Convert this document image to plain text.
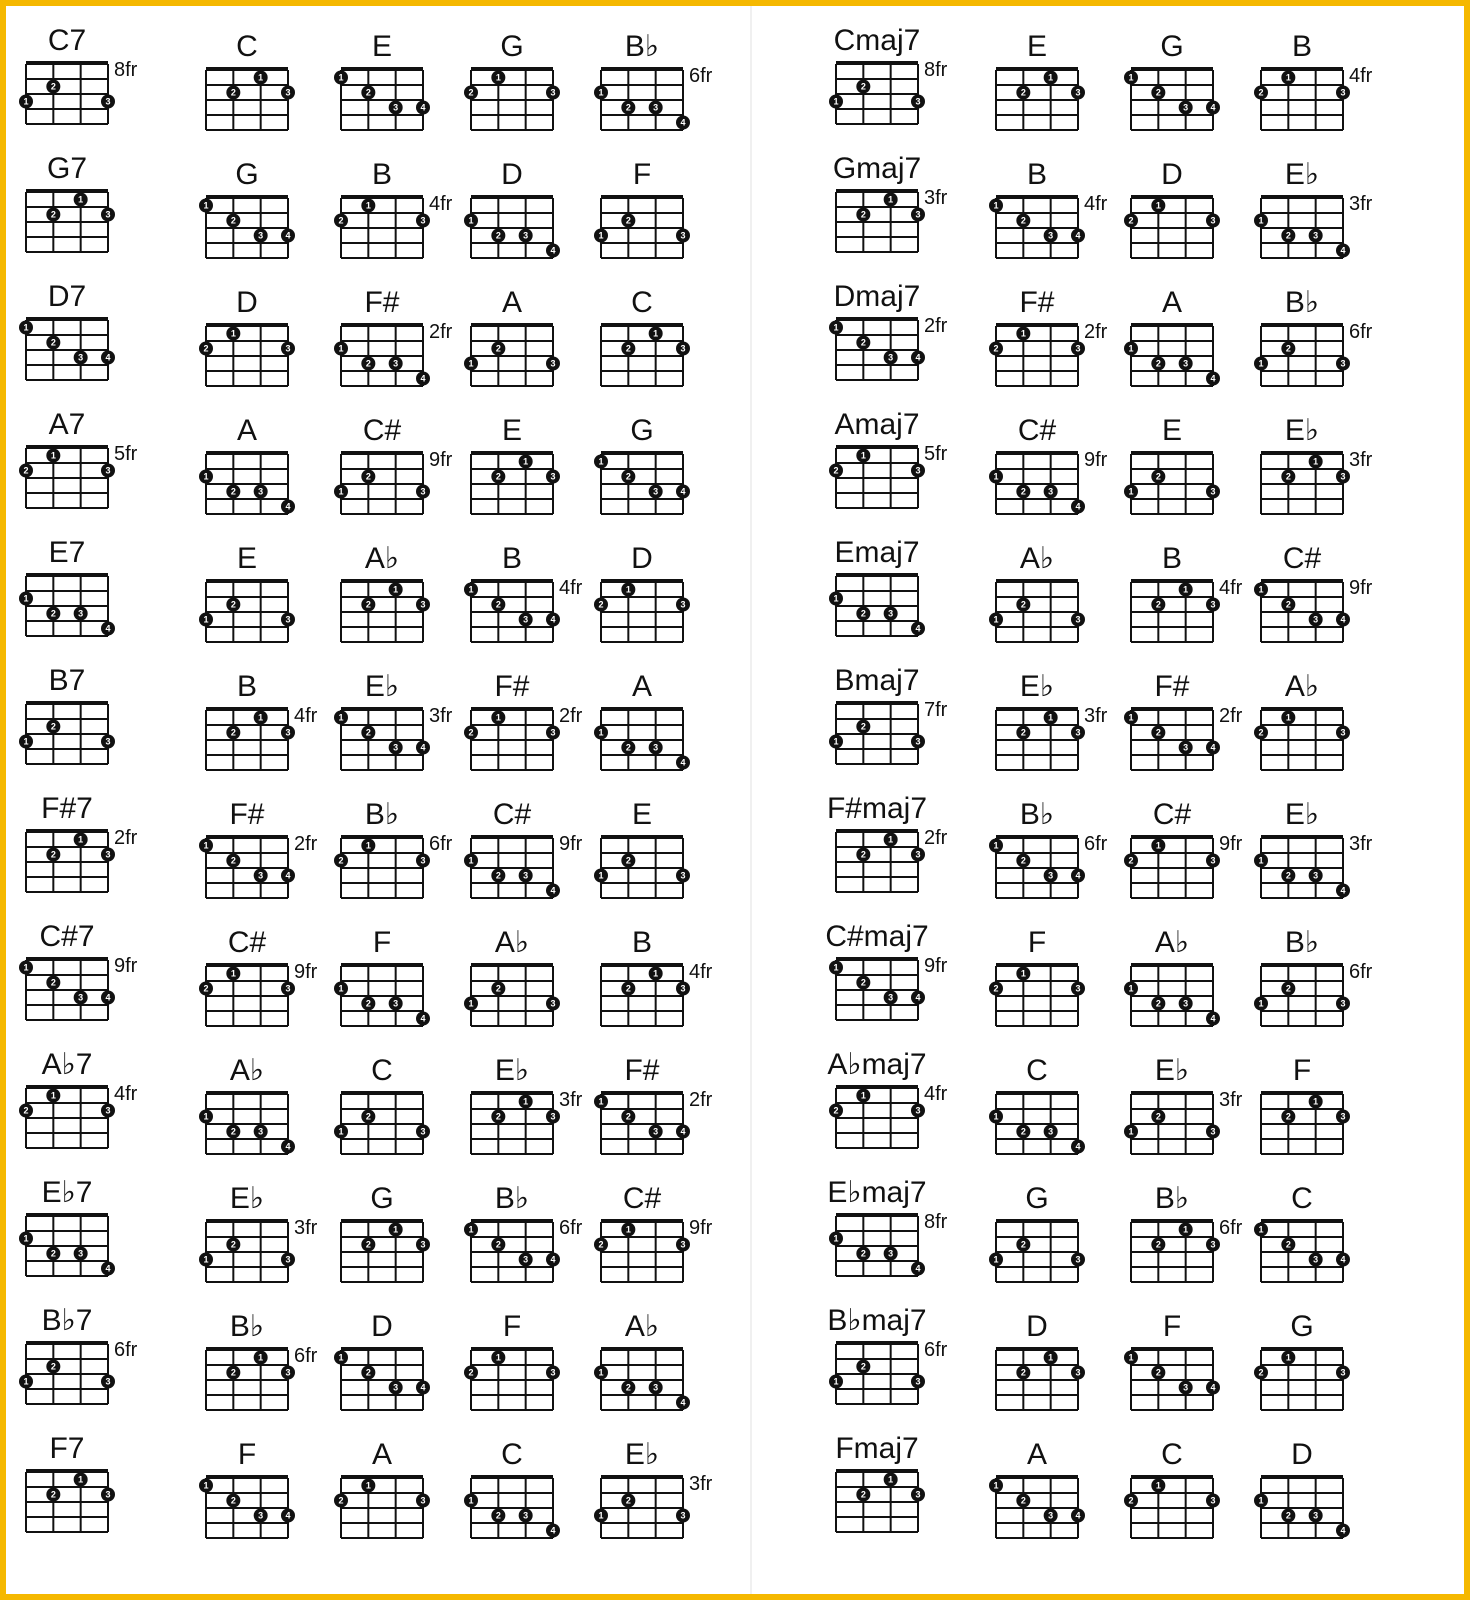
C7
8fr
1
2
3
C
1
2	3
E
1
2
3 4
G
1
2	3
B♭
6fr
1
2 3
4
G7
1
2	3
G
1
2
3 4
B
4fr
1
2	3
D
1
2 3
4
F
1
2
3
D7
1
2
3 4
D
1
2	3
F#
2fr
1
2 3
4
A
1
2
3
C
1
2	3
A7
5fr
1
2	3
A
1
2 3
4
C#
9fr
1
2
3
E
1
2	3
G
1
2
3 4
E7
1
2 3
4
E
1
2
3
A♭
1
2	3
B
4fr
1
2
3 4
D
1
2	3
B7
1
2
3
B
4fr
1
2	3
E♭
3fr
1
2
3 4
F#
2fr
1
2	3
A
1
2 3
4
F#7
2fr
1
2	3
F#
2fr
1
2
3 4
B♭
6fr
1
2	3
C#
9fr
1
2 3
4
E
1
2
3
C#7
9fr
1
2
3 4
C#
9fr
1
2	3
F
1
2 3
4
A♭
1
2
3
B
4fr
1
2	3
A♭7
4fr
1
2	3
A♭
1
2 3
4
C
1
2
3
E♭
3fr
1
2	3
F#
2fr
1
2
3 4
E♭7
1
2 3
4
E♭
3fr
1
2
3
G
1
2	3
B♭
6fr
1
2
3 4
C#
9fr
1
2	3
B♭7
6fr
1
2
3
B♭
6fr
1
2	3
D
1
2
3 4
F
1
2	3
A♭
1
2 3
4
F7
1
2	3
F
1
2
3 4
A
1
2	3
C
1
2 3
4
E♭
3fr
1
2
3
Cmaj7
8fr
1
2
3
E
1
2	3
G
1
2
3 4
B
4fr
1
2	3
Gmaj7
3fr
1
2	3
B
4fr
1
2
3 4
D
1
2	3
E♭
3fr
1
2 3
4
Dmaj7
2fr
1
2
3 4
F#
2fr
1
2	3
A
1
2 3
4
B♭
6fr
1
2
3
Amaj7
5fr
1
2	3
C#
9fr
1
2 3
4
E
1
2
3
E♭
3fr
1
2	3
Emaj7
1
2 3
4
A♭
1
2
3
B
4fr
1
2	3
C#
9fr
1
2
3 4
Bmaj7
7fr
1
2
3
E♭
3fr
1
2	3
F#
2fr
1
2
3 4
A♭
1
2	3
F#maj7
2fr
1
2	3
B♭
6fr
1
2
3 4
C#
9fr
1
2	3
E♭
3fr
1
2 3
4
C#maj7
9fr
1
2
3 4
F
1
2	3
A♭
1
2 3
4
B♭
6fr
1
2
3
A♭maj7
4fr
1
2	3
C
1
2 3
4
E♭
3fr
1
2
3
F
1
2	3
E♭maj7
8fr
1
2 3
4
G
1
2
3
B♭
6fr
1
2	3
C
1
2
3 4
B♭maj7
6fr
1
2
3
D
1
2	3
F
1
2
3 4
G
1
2	3
Fmaj7
1
2	3
A
1
2
3 4
C
1
2	3
D
1
2 3
4
